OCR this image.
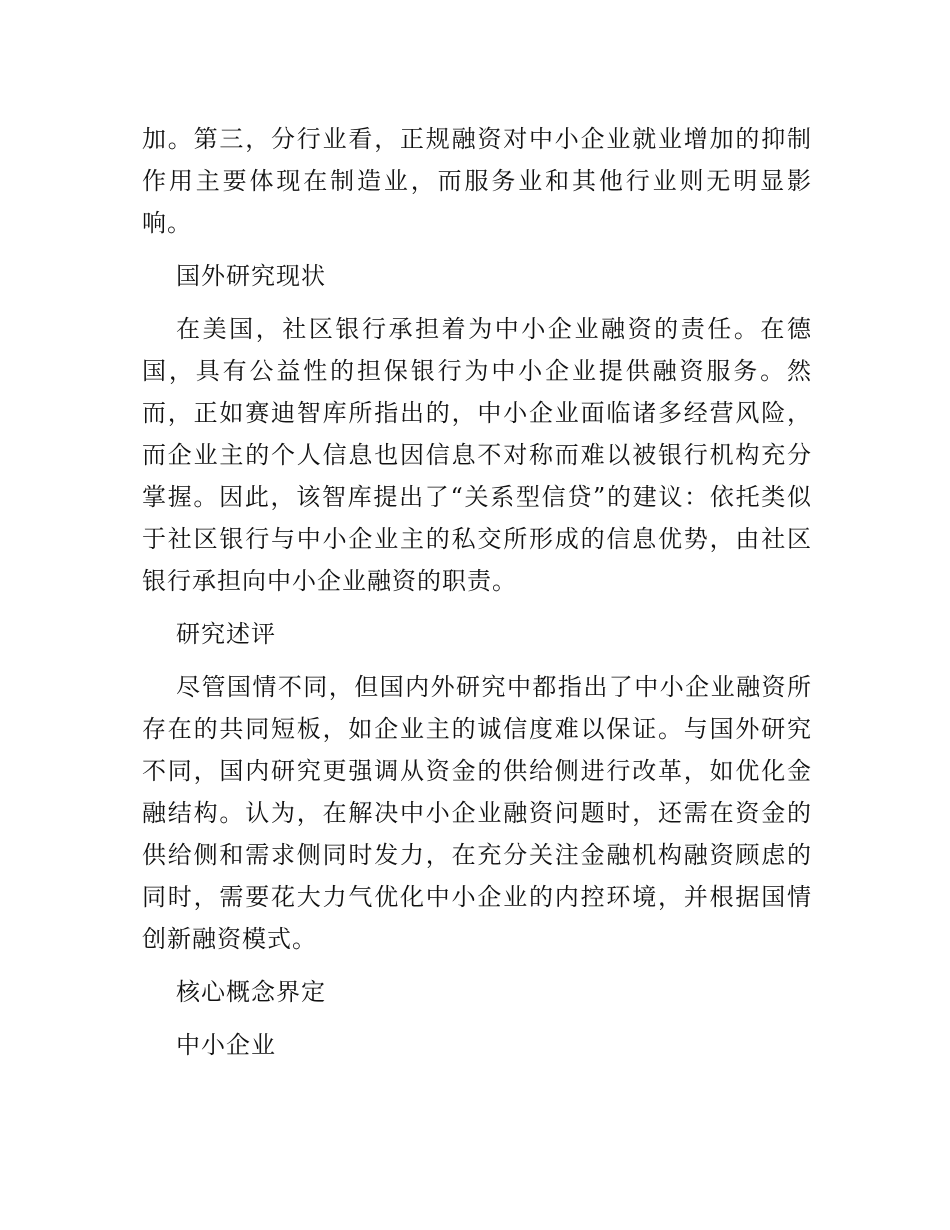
加。第三，分行业看，正规融资对中小企业就业增加的抑制作用主要体现在制造业，而服务业和其他行业则无明显影响。

国外研究现状

在美国，社区银行承担着为中小企业融资的责任。在德国，具有公益性的担保银行为中小企业提供融资服务。然而，正如赛迪智库所指出的，中小企业面临诸多经营风险，而企业主的个人信息也因信息不对称而难以被银行机构充分掌握。因此，该智库提出了“关系型信贷”的建议：依托类似于社区银行与中小企业主的私交所形成的信息优势，由社区银行承担向中小企业融资的职责。

研究述评

尽管国情不同，但国内外研究中都指出了中小企业融资所存在的共同短板，如企业主的诚信度难以保证。与国外研究不同，国内研究更强调从资金的供给侧进行改革，如优化金融结构。认为，在解决中小企业融资问题时，还需在资金的供给侧和需求侧同时发力，在充分关注金融机构融资顾虑的同时，需要花大力气优化中小企业的内控环境，并根据国情创新融资模式。

核心概念界定

中小企业
